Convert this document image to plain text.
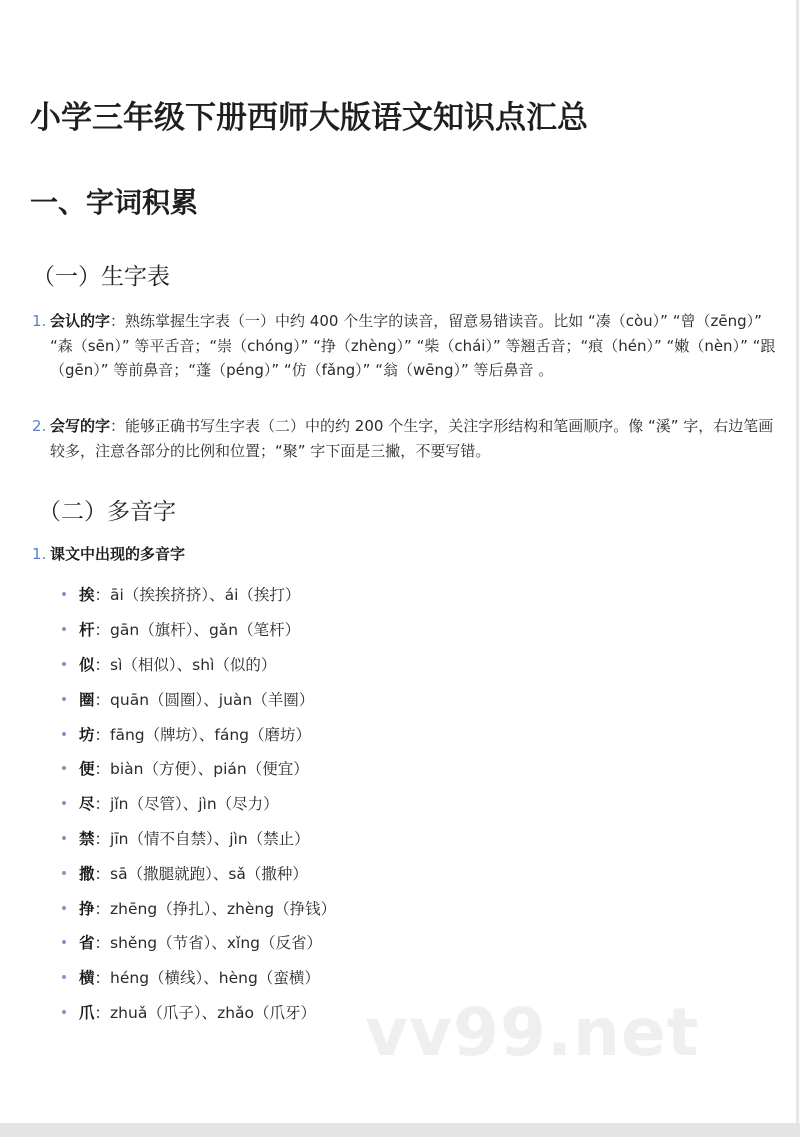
小学三年级下册西师大版语文知识点汇总
一、字词积累
（一）生字表
1. 会认的字：熟练掌握生字表（一）中约 400 个生字的读音，留意易错读音。比如 “凑（còu）” “曾（zēng）” “森（sēn）” 等平舌音；“崇（chóng）” “挣（zhèng）” “柴（chái）” 等翘舌音；“痕（hén）” “嫩（nèn）” “跟（gēn）” 等前鼻音；“蓬（péng）” “仿（fǎng）” “翁（wēng）” 等后鼻音 。
2. 会写的字：能够正确书写生字表（二）中的约 200 个生字，关注字形结构和笔画顺序。像 “溪” 字，右边笔画较多，注意各部分的比例和位置；“聚” 字下面是三撇，不要写错。
（二）多音字
1. 课文中出现的多音字
挨 ： āi（挨挨挤挤）、ái（挨打）
杆 ： gān（旗杆）、gǎn（笔杆）
似 ： sì（相似）、shì（似的）
圈 ： quān（圆圈）、juàn（羊圈）
坊 ： fāng（牌坊）、fáng（磨坊）
便 ： biàn（方便）、pián（便宜）
尽 ： jǐn（尽管）、jìn（尽力）
禁 ： jīn（情不自禁）、jìn（禁止）
撒 ： sā（撒腿就跑）、sǎ（撒种）
挣 ： zhēng（挣扎）、zhèng（挣钱）
省 ： shěng（节省）、xǐng（反省）
横 ： héng（横线）、hèng（蛮横）
爪 ： zhuǎ（爪子）、zhǎo（爪牙） vv99.net
